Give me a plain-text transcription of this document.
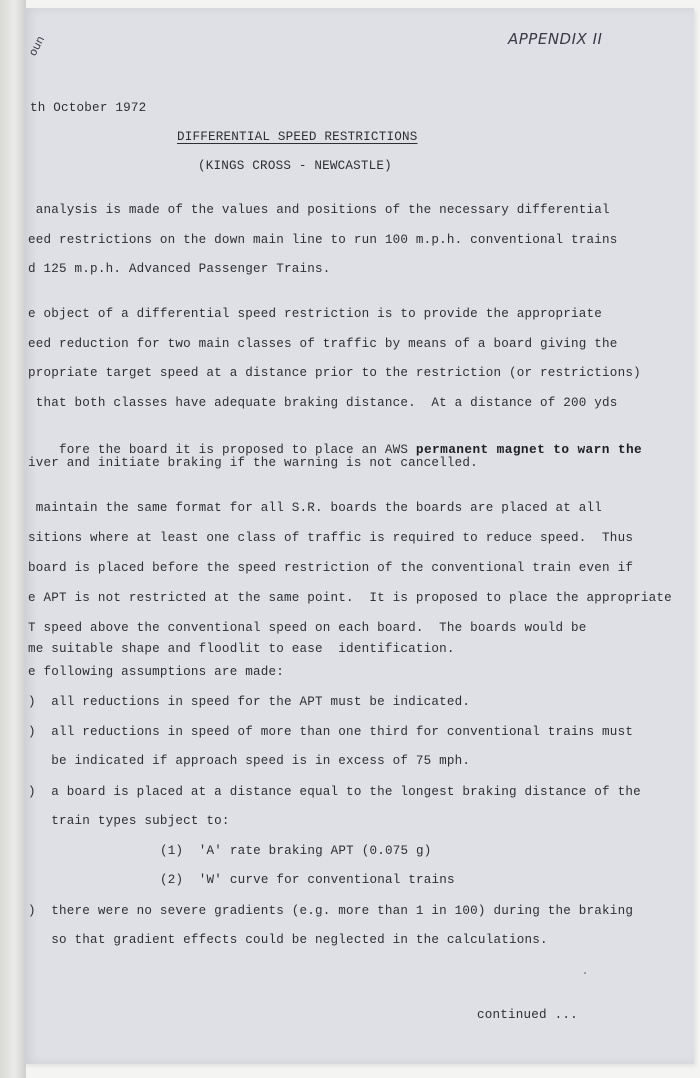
oun	APPENDIX II
th October 1972
DIFFERENTIAL SPEED RESTRICTIONS
(KINGS CROSS - NEWCASTLE)
analysis is made of the values and positions of the necessary differential
eed restrictions on the down main line to run 100 m.p.h. conventional trains
d 125 m.p.h. Advanced Passenger Trains.
e object of a differential speed restriction is to provide the appropriate
eed reduction for two main classes of traffic by means of a board giving the
propriate target speed at a distance prior to the restriction (or restrictions)
that both classes have adequate braking distance.  At a distance of 200 yds

fore the board it is proposed to place an AWS permanent magnet to warn the

iver and initiate braking if the warning is not cancelled.
maintain the same format for all S.R. boards the boards are placed at all
sitions where at least one class of traffic is required to reduce speed.  Thus
board is placed before the speed restriction of the conventional train even if
e APT is not restricted at the same point.  It is proposed to place the appropriate
T speed above the conventional speed on each board.  The boards would be
me suitable shape and floodlit to ease  identification.
e following assumptions are made:
)  all reductions in speed for the APT must be indicated.
)  all reductions in speed of more than one third for conventional trains must
be indicated if approach speed is in excess of 75 mph.
)  a board is placed at a distance equal to the longest braking distance of the
train types subject to:
(1)  'A' rate braking APT (0.075 g)
(2)  'W' curve for conventional trains
)  there were no severe gradients (e.g. more than 1 in 100) during the braking
so that gradient effects could be neglected in the calculations.
continued ...
